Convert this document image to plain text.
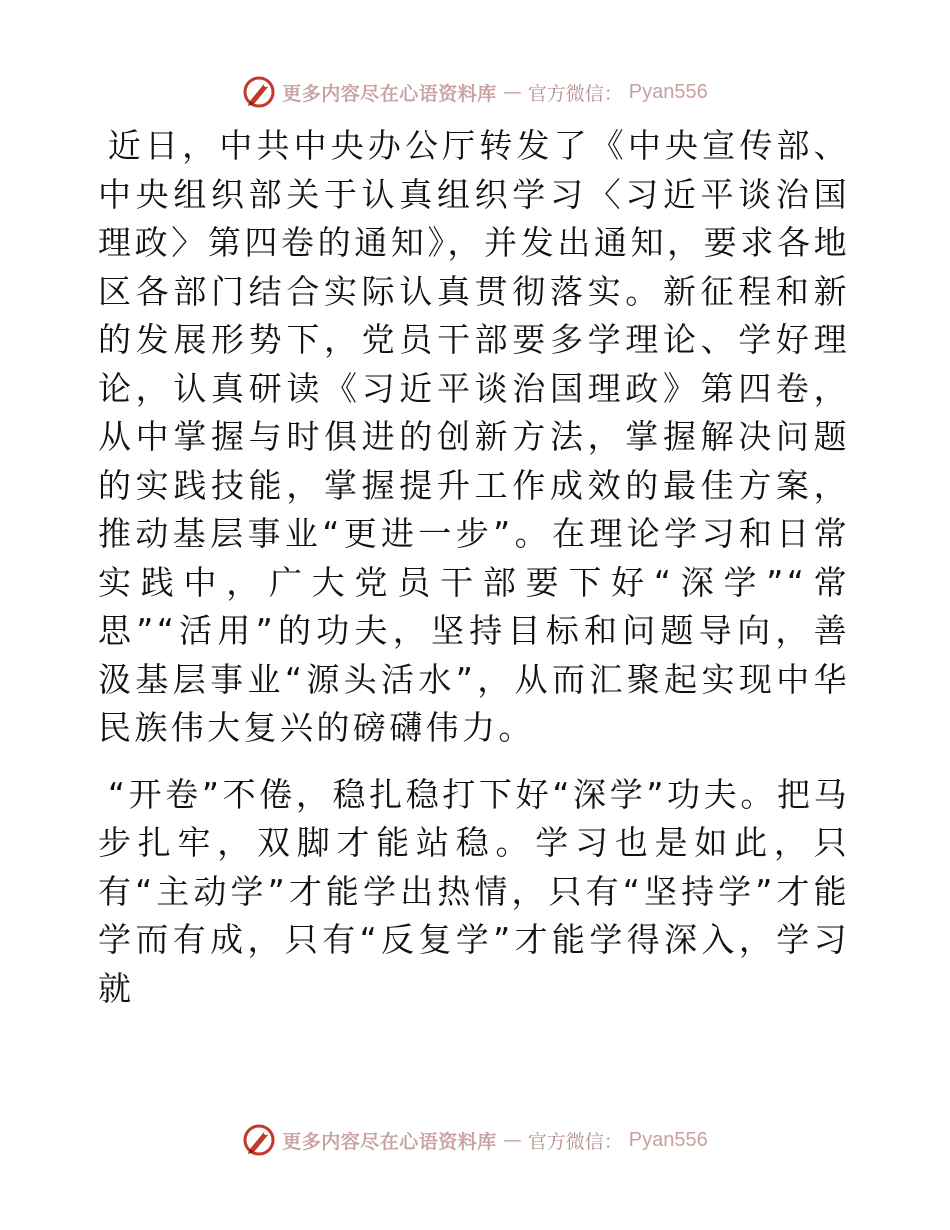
更多内容尽在心语资料库 — 官方微信： Pyan556

近日，中共中央办公厅转发了《中央宣传部、中央组织部关于认真组织学习〈习近平谈治国理政〉第四卷的通知》，并发出通知，要求各地区各部门结合实际认真贯彻落实。新征程和新的发展形势下，党员干部要多学理论、学好理论，认真研读《习近平谈治国理政》第四卷，从中掌握与时俱进的创新方法，掌握解决问题的实践技能，掌握提升工作成效的最佳方案，推动基层事业“更进一步”。在理论学习和日常实践中，广大党员干部要下好“深学”“常思”“活用”的功夫，坚持目标和问题导向，善汲基层事业“源头活水”，从而汇聚起实现中华民族伟大复兴的磅礴伟力。

“开卷”不倦，稳扎稳打下好“深学”功夫。把马步扎牢，双脚才能站稳。学习也是如此，只有“主动学”才能学出热情，只有“坚持学”才能学而有成，只有“反复学”才能学得深入，学习就

更多内容尽在心语资料库 — 官方微信： Pyan556
